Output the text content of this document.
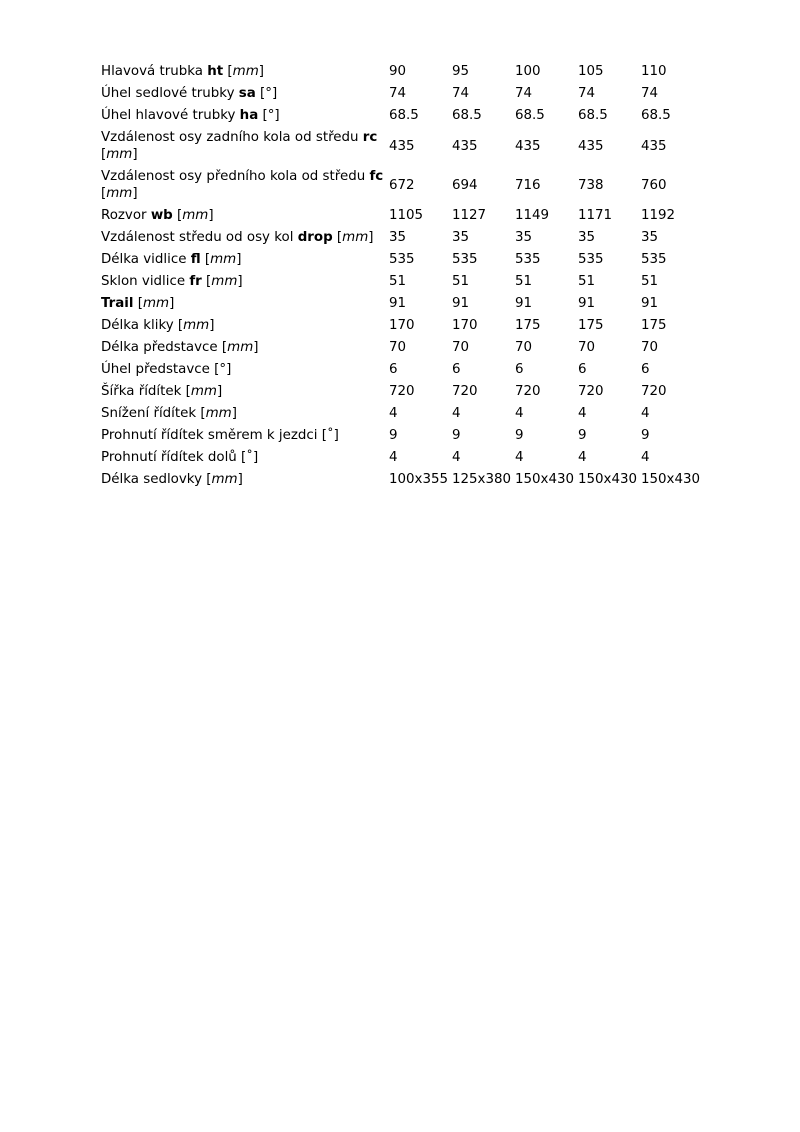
Hlavová trubka ht [mm]	90	95	100	105	110
Úhel sedlové trubky sa [°]	74	74	74	74	74
Úhel hlavové trubky ha [°]	68.5	68.5	68.5	68.5	68.5
Vzdálenost osy zadního kola od středu rc [mm]	435	435	435	435	435
Vzdálenost osy předního kola od středu fc [mm]	672	694	716	738	760
Rozvor wb [mm]	1105	1127	1149	1171	1192
Vzdálenost středu od osy kol drop [mm]	35	35	35	35	35
Délka vidlice fl [mm]	535	535	535	535	535
Sklon vidlice fr [mm]	51	51	51	51	51
Trail [mm]	91	91	91	91	91
Délka kliky [mm]	170	170	175	175	175
Délka představce [mm]	70	70	70	70	70
Úhel představce [°]	6	6	6	6	6
Šířka řídítek [mm]	720	720	720	720	720
Snížení řídítek [mm]	4	4	4	4	4
Prohnutí řídítek směrem k jezdci [˚]	9	9	9	9	9
Prohnutí řídítek dolů [˚]	4	4	4	4	4
Délka sedlovky [mm]	100x355	125x380	150x430	150x430	150x430
